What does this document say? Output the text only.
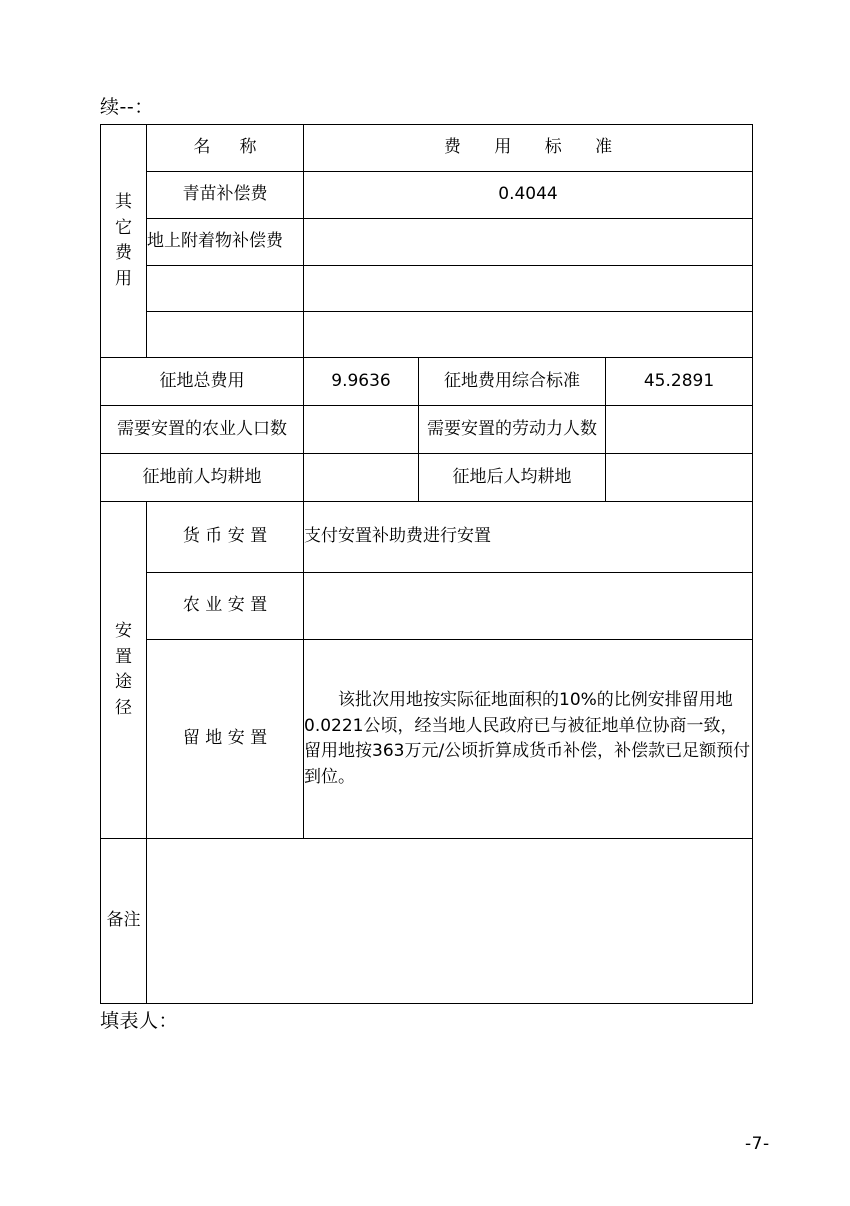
续--：
其
它
费
用	名　称	费 用 标 准		
	青苗补偿费	0.4044		
	地上附着物补偿费			

征地总费用		9.9636	征地费用综合标准	45.2891
需要安置的农业人口数			需要安置的劳动力人数	
征地前人均耕地			征地后人均耕地	

安
置
途
径	货 币 安 置	支付安置补助费进行安置		
	农 业 安 置			
	留 地 安 置	该批次用地按实际征地面积的10%的比例安排留用地0.0221公顷，经当地人民政府已与被征地单位协商一致，留用地按363万元/公顷折算成货币补偿，补偿款已足额预付到位。		

备注				

填表人：
-7-
